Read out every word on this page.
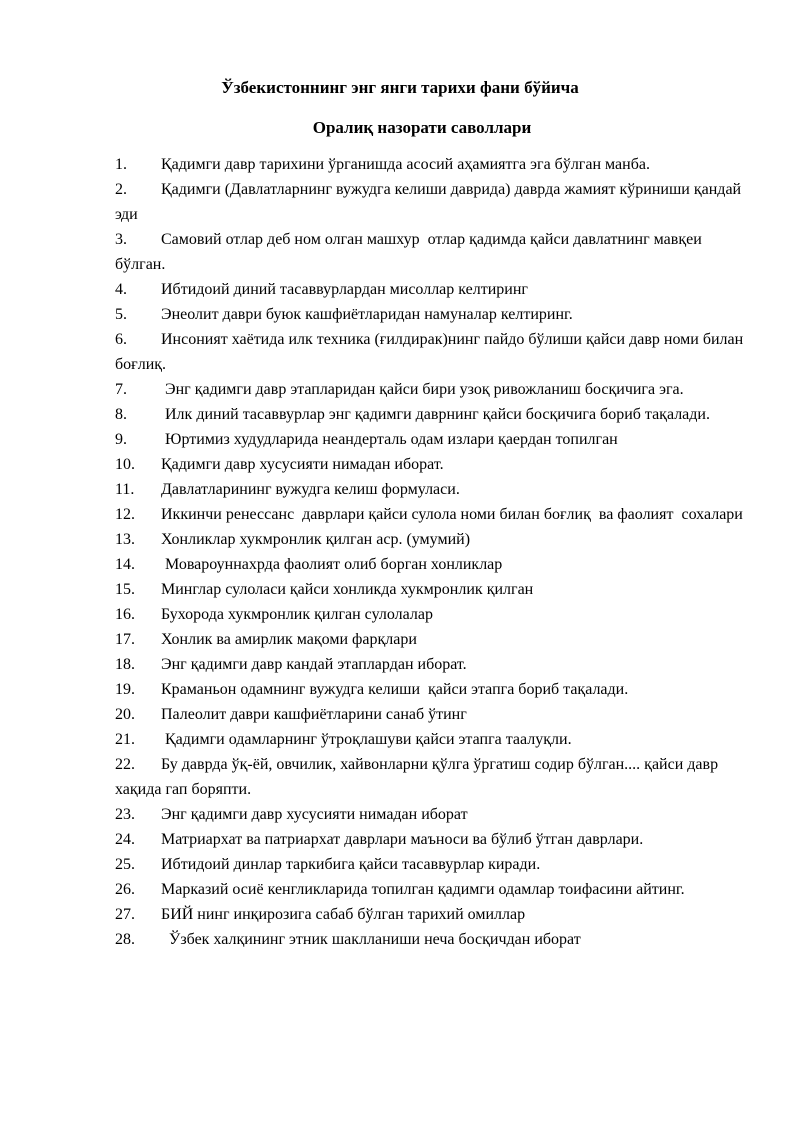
Ўзбекистоннинг энг янги тарихи фани бўйича
Оралиқ назорати саволлари
1. Қадимги давр тарихини ўрганишда асосий аҳамиятга эга бўлган манба.
2. Қадимги (Давлатларнинг вужудга келиши даврида) даврда жамият кўриниши қандай эди
3. Самовий отлар деб ном олган машхур  отлар қадимда қайси давлатнинг мавқеи бўлган.
4. Ибтидоий диний тасаввурлардан мисоллар келтиринг
5. Энеолит даври буюк кашфиётларидан намуналар келтиринг.
6. Инсоният хаётида илк техника (ғилдирак)нинг пайдо бўлиши қайси давр номи билан боғлиқ.
7. Энг қадимги давр этапларидан қайси бири узоқ ривожланиш босқичига эга.
8. Илк диний тасаввурлар энг қадимги даврнинг қайси босқичига бориб тақалади.
9. Юртимиз худудларида неандерталь одам излари қаердан топилган
10. Қадимги давр хусусияти нимадан иборат.
11. Давлатларининг вужудга келиш формуласи.
12. Иккинчи ренессанс  даврлари қайси сулола номи билан боғлиқ  ва фаолият  сохалари
13. Хонликлар хукмронлик қилган аср. (умумий)
14. Мовароуннахрда фаолият олиб борган хонликлар
15. Минглар сулоласи қайси хонликда хукмронлик қилган
16. Бухорода хукмронлик қилган сулолалар
17. Хонлик ва амирлик мақоми фарқлари
18. Энг қадимги давр кандай этаплардан иборат.
19. Краманьон одамнинг вужудга келиши  қайси этапга бориб тақалади.
20. Палеолит даври кашфиётларини санаб ўтинг
21. Қадимги одамларнинг ўтроқлашуви қайси этапга таалуқли.
22. Бу даврда ўқ-ёй, овчилик, хайвонларни қўлга ўргатиш содир бўлган.... қайси давр хақида гап боряпти.
23. Энг қадимги давр хусусияти нимадан иборат
24. Матриархат ва патриархат даврлари маъноси ва бўлиб ўтган даврлари.
25. Ибтидоий динлар таркибига қайси тасаввурлар киради.
26. Марказий осиё кенгликларида топилган қадимги одамлар тоифасини айтинг.
27. БИЙ нинг инқирозига сабаб бўлган тарихий омиллар
28.  Ўзбек халқининг этник шаклланиши неча босқичдан иборат
